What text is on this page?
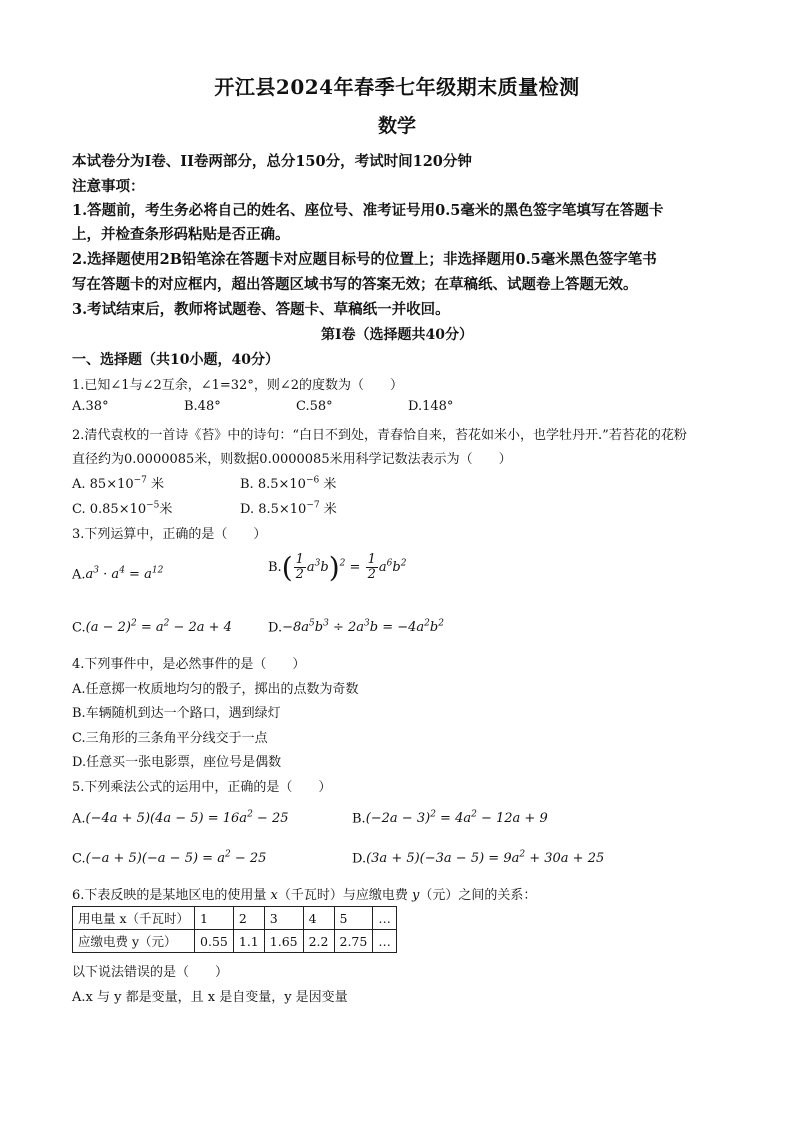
开江县2024年春季七年级期末质量检测
数学
本试卷分为I卷、II卷两部分，总分150分，考试时间120分钟
注意事项：
1.答题前，考生务必将自己的姓名、座位号、准考证号用0.5毫米的黑色签字笔填写在答题卡
上，并检查条形码粘贴是否正确。
2.选择题使用2B铅笔涂在答题卡对应题目标号的位置上；非选择题用0.5毫米黑色签字笔书
写在答题卡的对应框内，超出答题区域书写的答案无效；在草稿纸、试题卷上答题无效。
3.考试结束后，教师将试题卷、答题卡、草稿纸一并收回。
第I卷（选择题共40分）
一、选择题（共10小题，40分）
1.已知∠1与∠2互余，∠1=32°，则∠2的度数为（　　）
A.38°	B.48°	C.58°	D.148°
2.清代袁枚的一首诗《苔》中的诗句：“白日不到处，青春恰自来，苔花如米小，也学牡丹开.”若苔花的花粉
直径约为0.0000085米，则数据0.0000085米用科学记数法表示为（　　）
A. $85\times 10^{-7}$ 米	B. $8.5\times 10^{-6}$ 米
C. $0.85\times 10^{-5}$米	D. $8.5\times 10^{-7}$ 米
3.下列运算中，正确的是（　　）
$A.a^3 \cdot a^4 = a^{12}$	$B.( \frac{1}{2} a^3b)^2 = \frac{1}{2} a^6b^2$
$C.(a - 2)^2 = a^2 - 2a + 4$	$D.-8a^5b^3 \div 2a^3b = -4a^2b^2$
4.下列事件中，是必然事件的是（　　）
A.任意掷一枚质地均匀的骰子，掷出的点数为奇数
B.车辆随机到达一个路口，遇到绿灯
C.三角形的三条角平分线交于一点
D.任意买一张电影票，座位号是偶数
5.下列乘法公式的运用中，正确的是（　　）
$A.(-4a + 5)(4a - 5) = 16a^2 - 25$	$B.(-2a - 3)^2 = 4a^2 - 12a + 9$
$C.(-a + 5)(-a - 5) = a^2 - 25$	$D.(3a + 5)(-3a - 5) = 9a^2 + 30a + 25$
6.下表反映的是某地区电的使用量 x（千瓦时）与应缴电费 y（元）之间的关系：
用电量 x（千瓦时）	1	2	3	4	5	…
应缴电费 y（元）	0.55	1.1	1.65	2.2	2.75	…
以下说法错误的是（　　）
A.x 与 y 都是变量，且 x 是自变量，y 是因变量
